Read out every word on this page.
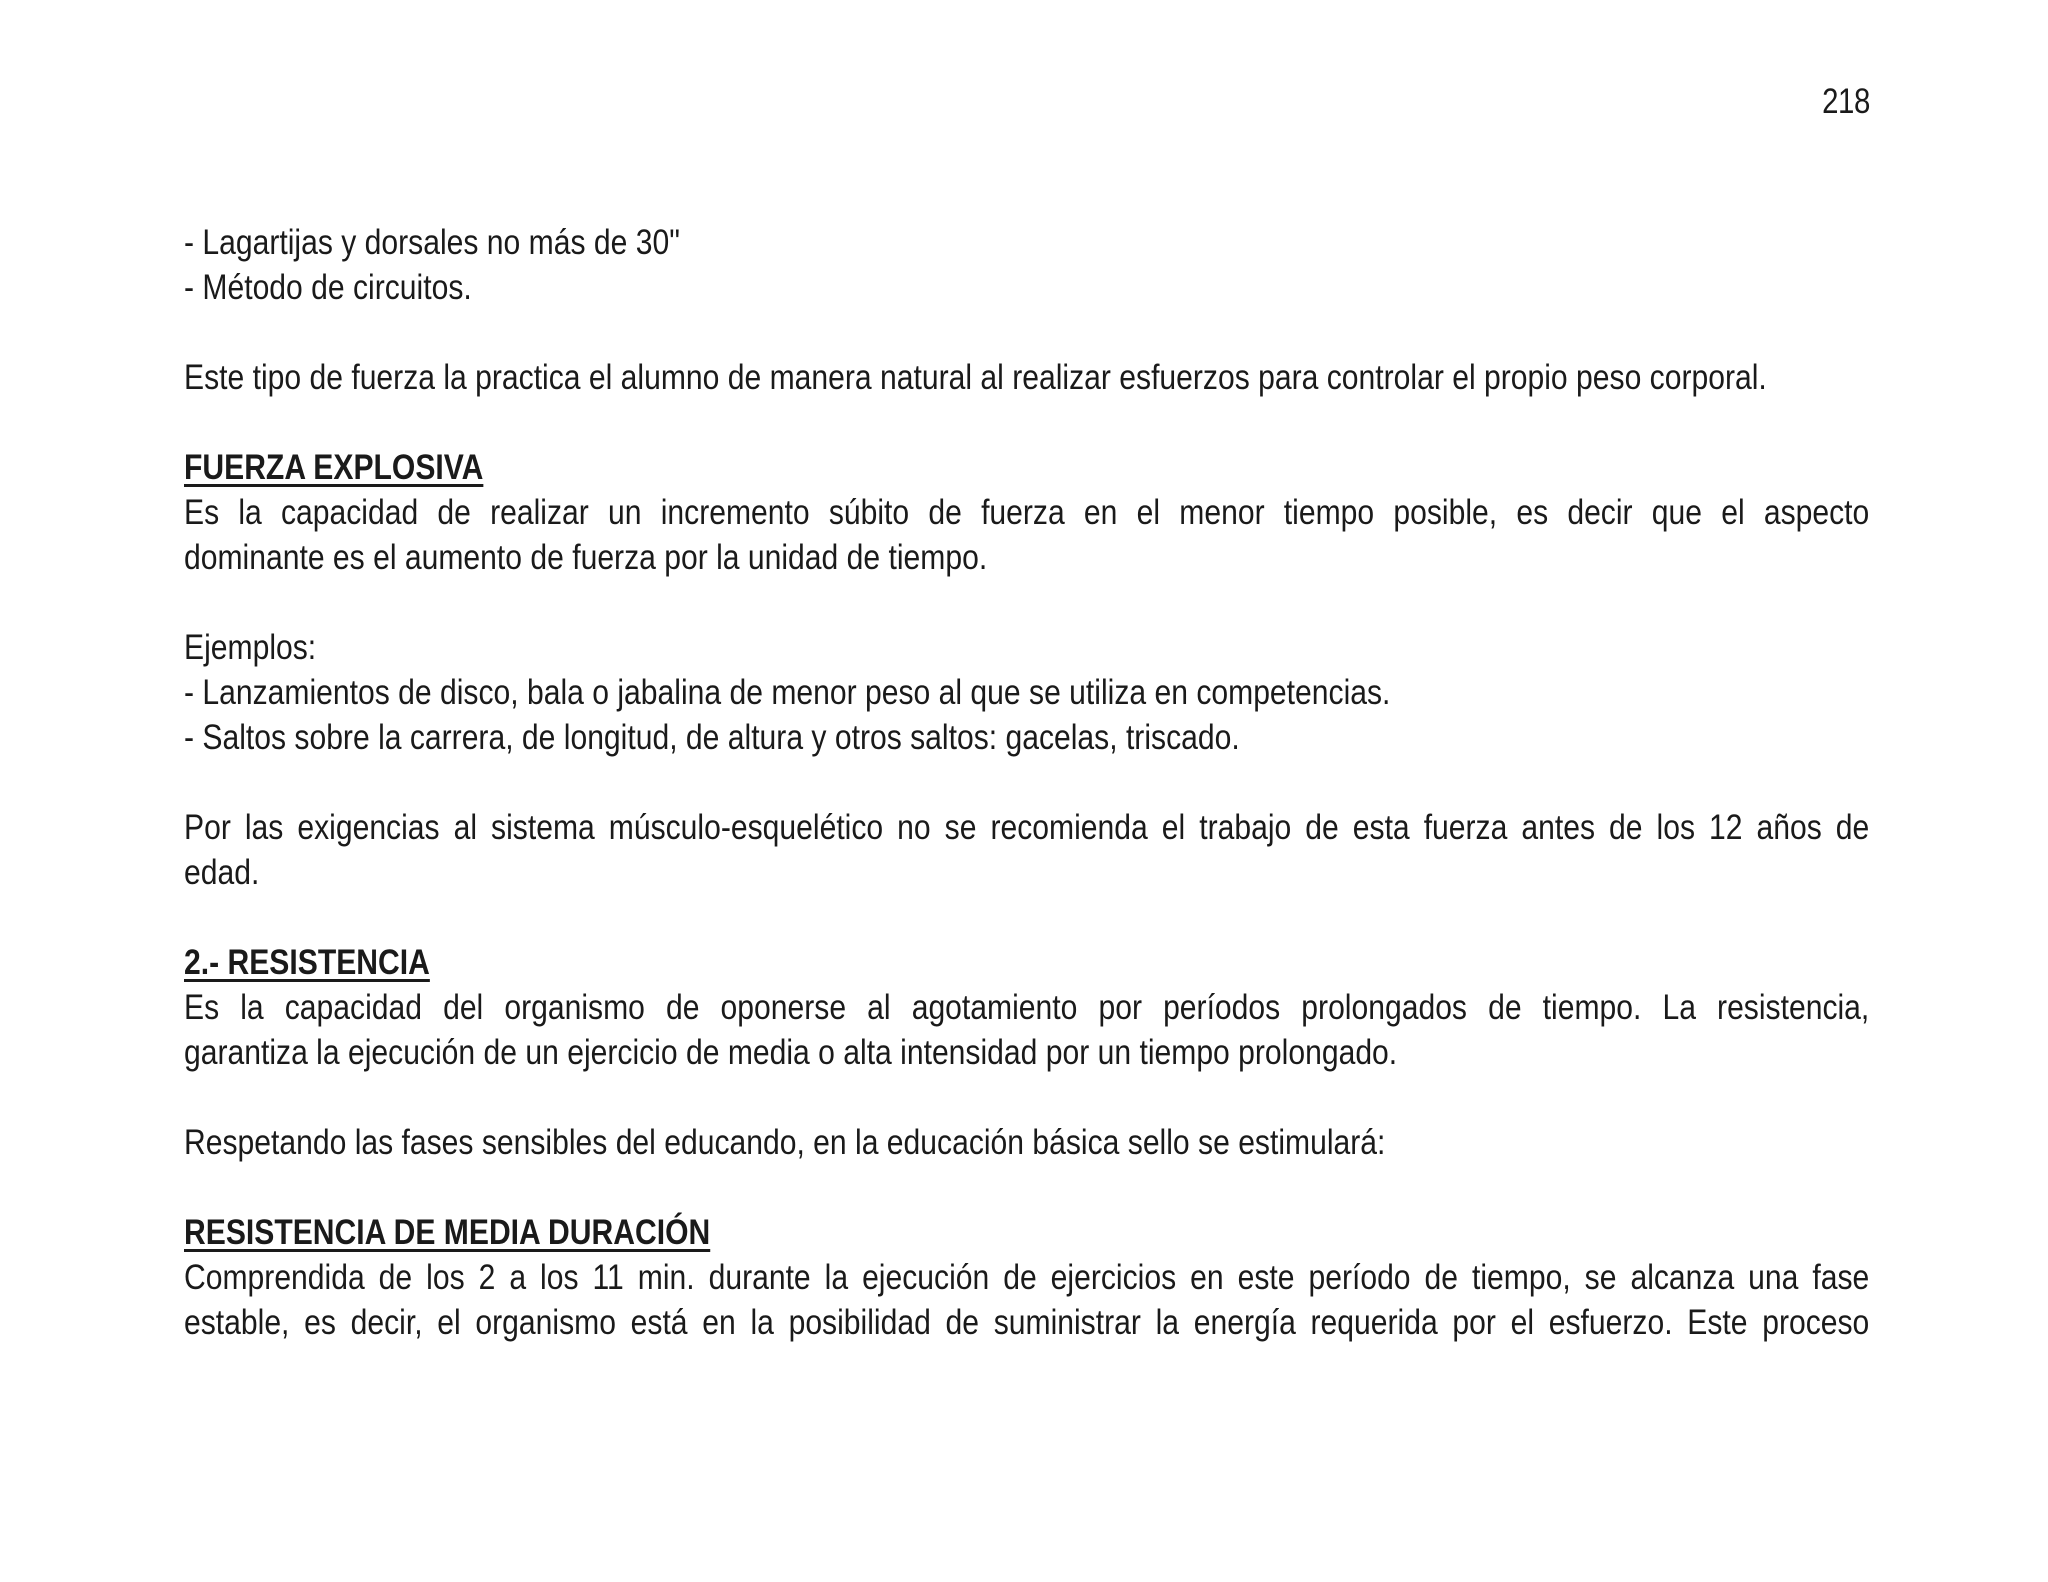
218
- Lagartijas y dorsales no más de 30"
- Método de circuitos.
Este tipo de fuerza la practica el alumno de manera natural al realizar esfuerzos para controlar el propio peso corporal.
FUERZA EXPLOSIVA
Es la capacidad de realizar un incremento súbito de fuerza en el menor tiempo posible, es decir que el aspecto
dominante es el aumento de fuerza por la unidad de tiempo.
Ejemplos:
- Lanzamientos de disco, bala o jabalina de menor peso al que se utiliza en competencias.
- Saltos sobre la carrera, de longitud, de altura y otros saltos: gacelas, triscado.
Por las exigencias al sistema músculo-esquelético no se recomienda el trabajo de esta fuerza antes de los 12 años de
edad.
2.- RESISTENCIA
Es la capacidad del organismo de oponerse al agotamiento por períodos prolongados de tiempo. La resistencia,
garantiza la ejecución de un ejercicio de media o alta intensidad por un tiempo prolongado.
Respetando las fases sensibles del educando, en la educación básica sello se estimulará:
RESISTENCIA DE MEDIA DURACIÓN
Comprendida de los 2 a los 11 min. durante la ejecución de ejercicios en este período de tiempo, se alcanza una fase
estable, es decir, el organismo está en la posibilidad de suministrar la energía requerida por el esfuerzo. Este proceso
